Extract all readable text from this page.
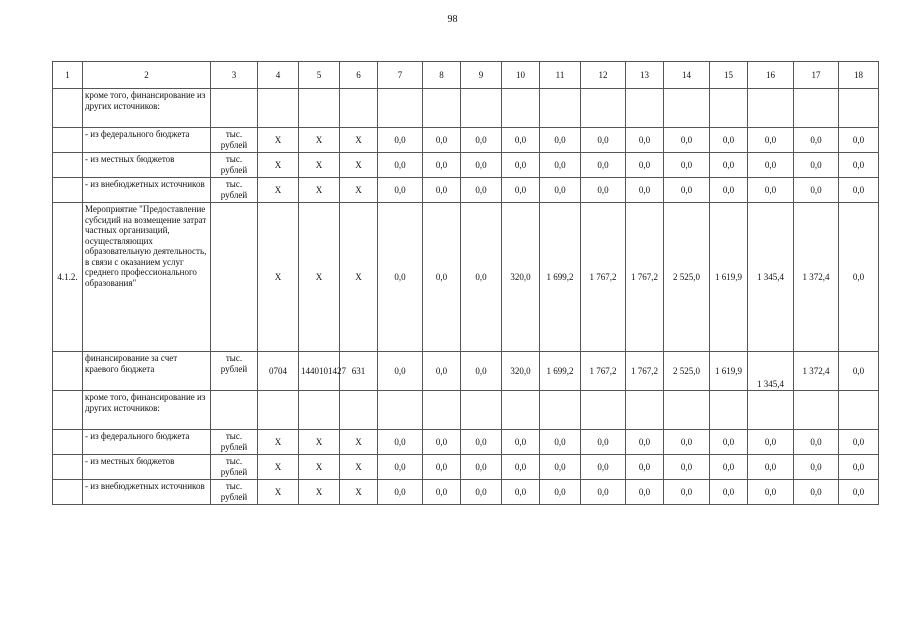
98
1	2	3	4	5	6	7	8	9	10	11	12	13	14	15	16	17	18
	кроме того, финансирование из других источников:																
	- из федерального бюджета	тыс. рублей	X	X	X	0,0	0,0	0,0	0,0	0,0	0,0	0,0	0,0	0,0	0,0	0,0	0,0
	- из местных бюджетов	тыс. рублей	X	X	X	0,0	0,0	0,0	0,0	0,0	0,0	0,0	0,0	0,0	0,0	0,0	0,0
	- из внебюджетных источников	тыс. рублей	X	X	X	0,0	0,0	0,0	0,0	0,0	0,0	0,0	0,0	0,0	0,0	0,0	0,0
4.1.2.	Мероприятие "Предоставление субсидий на возмещение затрат частных организаций, осуществляющих образовательную деятельность, в связи с оказанием услуг среднего профессионального образования"		X	X	X	0,0	0,0	0,0	320,0	1 699,2	1 767,2	1 767,2	2 525,0	1 619,9	1 345,4	1 372,4	0,0
	финансирование за счет краевого бюджета	тыс. рублей	0704	1440101427	631	0,0	0,0	0,0	320,0	1 699,2	1 767,2	1 767,2	2 525,0	1 619,9	1 345,4	1 372,4	0,0
	кроме того, финансирование из других источников:																
	- из федерального бюджета	тыс. рублей	X	X	X	0,0	0,0	0,0	0,0	0,0	0,0	0,0	0,0	0,0	0,0	0,0	0,0
	- из местных бюджетов	тыс. рублей	X	X	X	0,0	0,0	0,0	0,0	0,0	0,0	0,0	0,0	0,0	0,0	0,0	0,0
	- из внебюджетных источников	тыс. рублей	X	X	X	0,0	0,0	0,0	0,0	0,0	0,0	0,0	0,0	0,0	0,0	0,0	0,0
